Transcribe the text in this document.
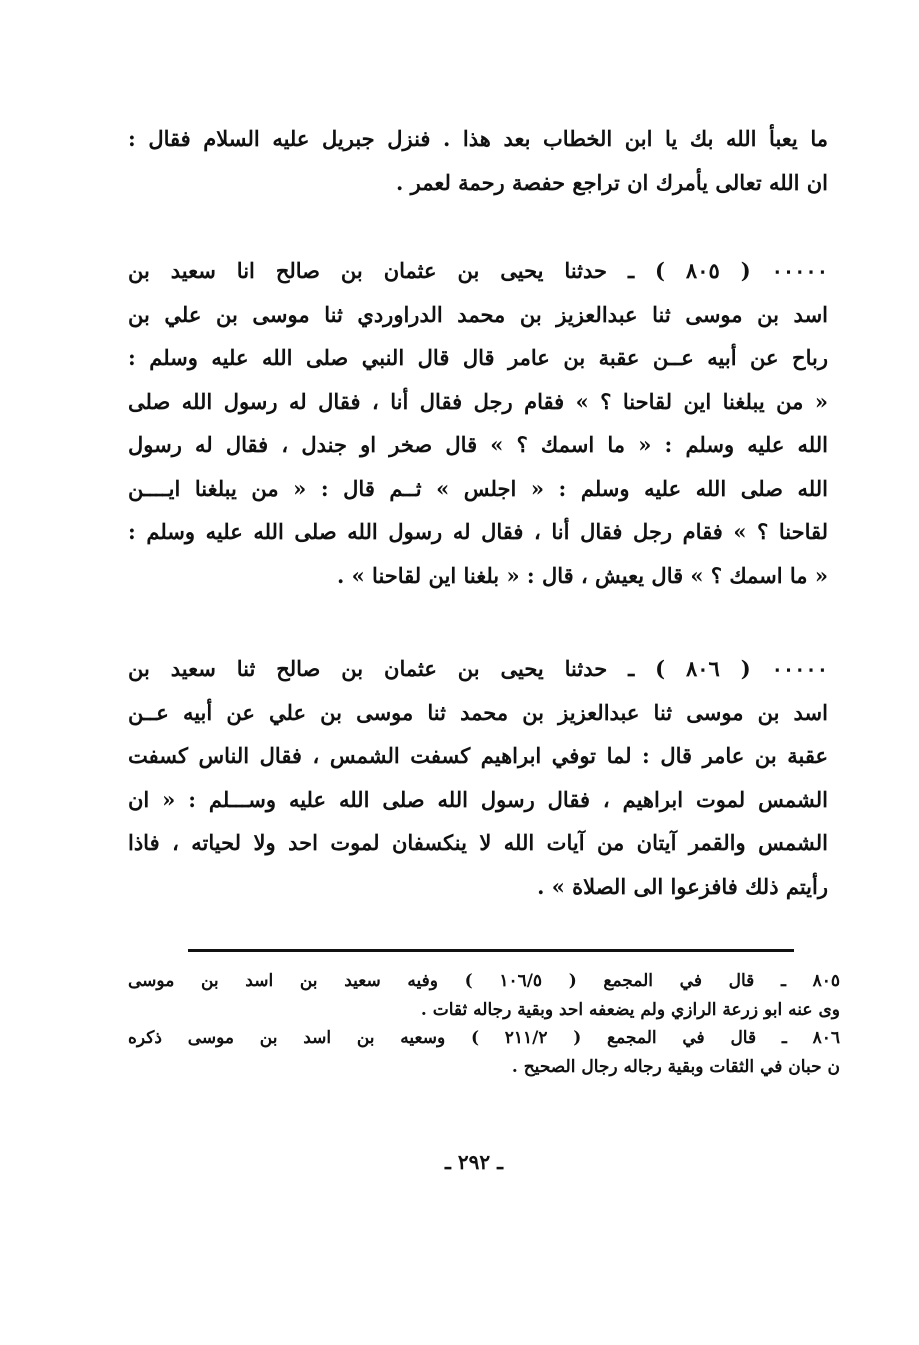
ما يعبأ الله بك يا ابن الخطاب بعد هذا . فنزل جبريل عليه السلام فقال :
ان الله تعالى يأمرك ان تراجع حفصة رحمة لعمر .
٠٠٠٠٠ ( ٨٠٥ ) ـ حدثنا يحيى بن عثمان بن صالح انا سعيد بن
اسد بن موسى ثنا عبدالعزيز بن محمد الدراوردي ثنا موسى بن علي بن
رباح عن أبيه عــن عقبة بن عامر قال قال النبي صلى الله عليه وسلم :
« من يبلغنا اين لقاحنا ؟ » فقام رجل فقال أنا ، فقال له رسول الله صلى
الله عليه وسلم : « ما اسمك ؟ » قال صخر او جندل ، فقال له رسول
الله صلى الله عليه وسلم : « اجلس » ثــم قال : « من يبلغنا ايــــن
لقاحنا ؟ » فقام رجل فقال أنا ، فقال له رسول الله صلى الله عليه وسلم :
« ما اسمك ؟ » قال يعيش ، قال : « بلغنا اين لقاحنا » .
٠٠٠٠٠ ( ٨٠٦ ) ـ حدثنا يحيى بن عثمان بن صالح ثنا سعيد بن
اسد بن موسى ثنا عبدالعزيز بن محمد ثنا موسى بن علي عن أبيه عــن
عقبة بن عامر قال : لما توفي ابراهيم كسفت الشمس ، فقال الناس كسفت
الشمس لموت ابراهيم ، فقال رسول الله صلى الله عليه وســـلم : « ان
الشمس والقمر آيتان من آيات الله لا ينكسفان لموت احد ولا لحياته ، فاذا
رأيتم ذلك فافزعوا الى الصلاة » .
٨٠٥ ـ قال في المجمع ( ١٠٦/٥ ) وفيه سعيد بن اسد بن موسى
وى عنه ابو زرعة الرازي ولم يضعفه احد وبقية رجاله ثقات .
٨٠٦ ـ قال في المجمع ( ٢١١/٢ ) وسعيه بن اسد بن موسى ذكره
ن حبان في الثقات وبقية رجاله رجال الصحيح .
ـ ٢٩٢ ـ
